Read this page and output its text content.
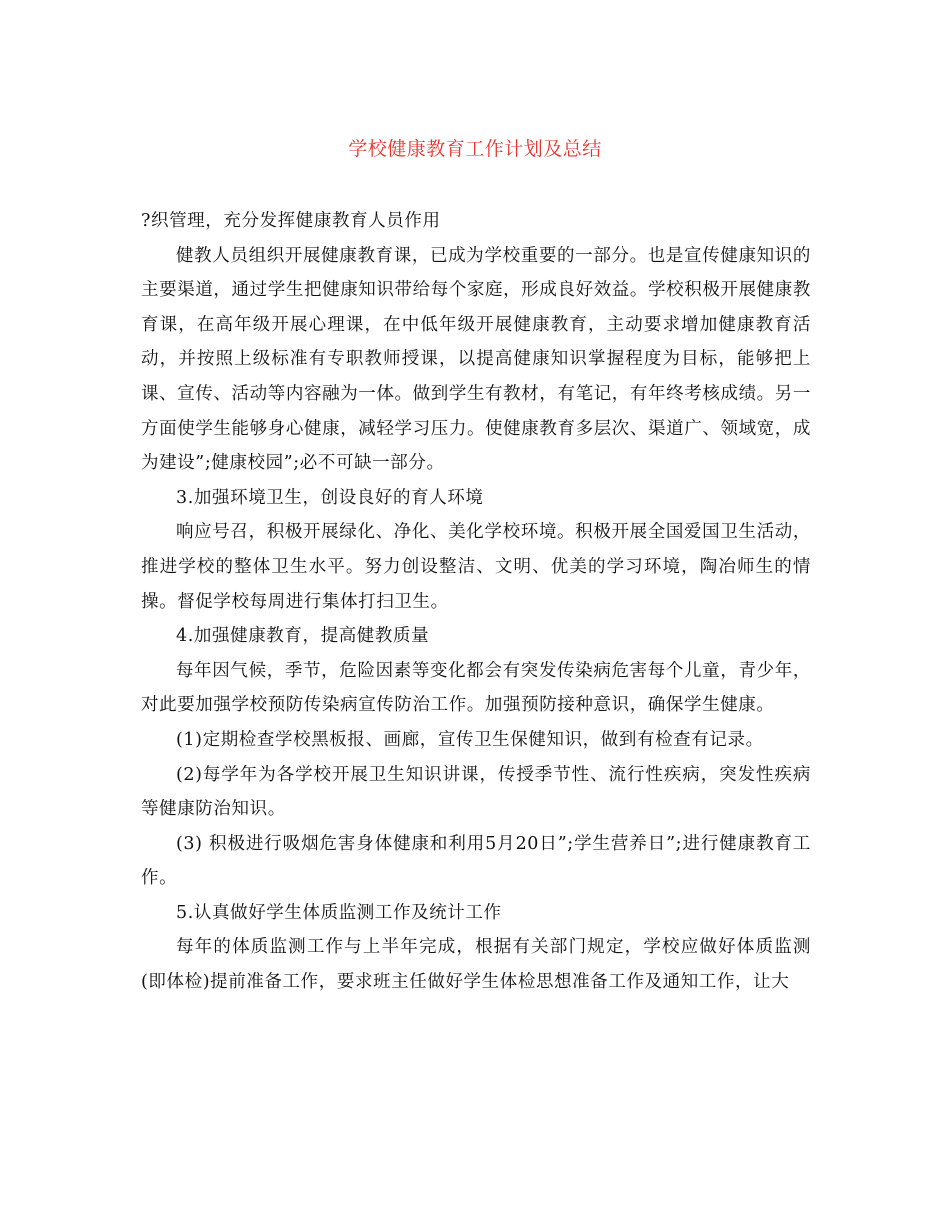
学校健康教育工作计划及总结

?织管理，充分发挥健康教育人员作用

健教人员组织开展健康教育课，已成为学校重要的一部分。也是宣传健康知识的主要渠道，通过学生把健康知识带给每个家庭，形成良好效益。学校积极开展健康教育课，在高年级开展心理课，在中低年级开展健康教育，主动要求增加健康教育活动，并按照上级标准有专职教师授课，以提高健康知识掌握程度为目标，能够把上课、宣传、活动等内容融为一体。做到学生有教材，有笔记，有年终考核成绩。另一方面使学生能够身心健康，减轻学习压力。使健康教育多层次、渠道广、领域宽，成为建设”;健康校园”;必不可缺一部分。

3.加强环境卫生，创设良好的育人环境

响应号召，积极开展绿化、净化、美化学校环境。积极开展全国爱国卫生活动，推进学校的整体卫生水平。努力创设整洁、文明、优美的学习环境，陶冶师生的情操。督促学校每周进行集体打扫卫生。

4.加强健康教育，提高健教质量

每年因气候，季节，危险因素等变化都会有突发传染病危害每个儿童，青少年，对此要加强学校预防传染病宣传防治工作。加强预防接种意识，确保学生健康。

(1)定期检查学校黑板报、画廊，宣传卫生保健知识，做到有检查有记录。

(2)每学年为各学校开展卫生知识讲课，传授季节性、流行性疾病，突发性疾病等健康防治知识。

(3) 积极进行吸烟危害身体健康和利用5月20日”;学生营养日”;进行健康教育工作。

5.认真做好学生体质监测工作及统计工作

每年的体质监测工作与上半年完成，根据有关部门规定，学校应做好体质监测(即体检)提前准备工作，要求班主任做好学生体检思想准备工作及通知工作，让大
